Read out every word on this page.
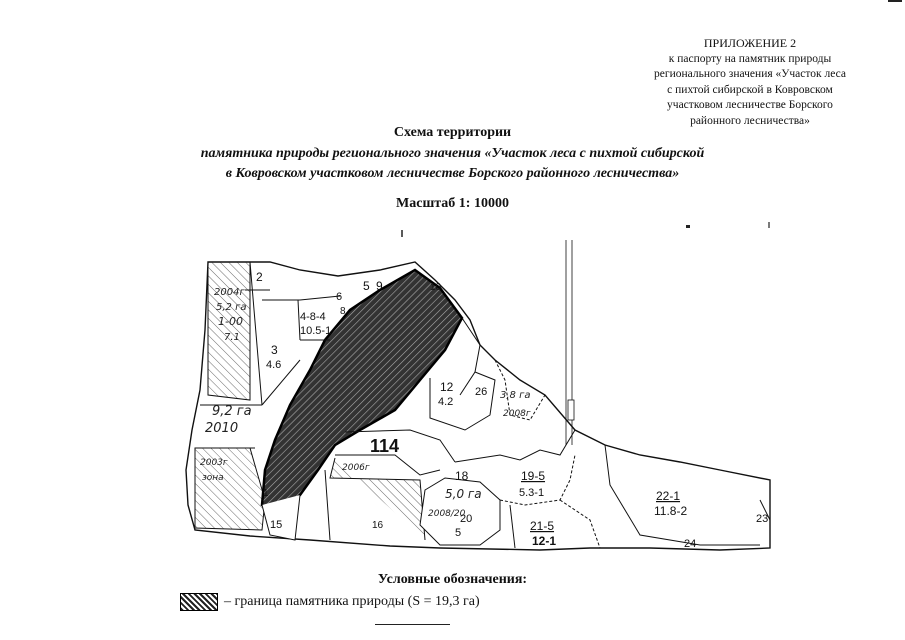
ПРИЛОЖЕНИЕ 2
к паспорту на памятник природы
регионального значения «Участок леса
с пихтой сибирской в Ковровском
участковом лесничестве Борского
районного лесничества»
Схема территории
памятника природы регионального значения «Участок леса с пихтой сибирской
в Ковровском участковом лесничестве Борского районного лесничества»
Масштаб 1: 10000
2
3
4.6
4-8-4
10.5-1
5 9
6
8
10
12
4.2
26
114
18	19-5
5.3-1
21-5
12-1
22-1
11.8-2
24
23
15
1
16
20
5
2004г
5,2 га
1-00
7.1
9,2 га
2010
3,8 га
2008г
5,0 га
2008/20
2003г	2006г
зона
Условные обозначения:
– граница памятника природы (S = 19,3 га)
